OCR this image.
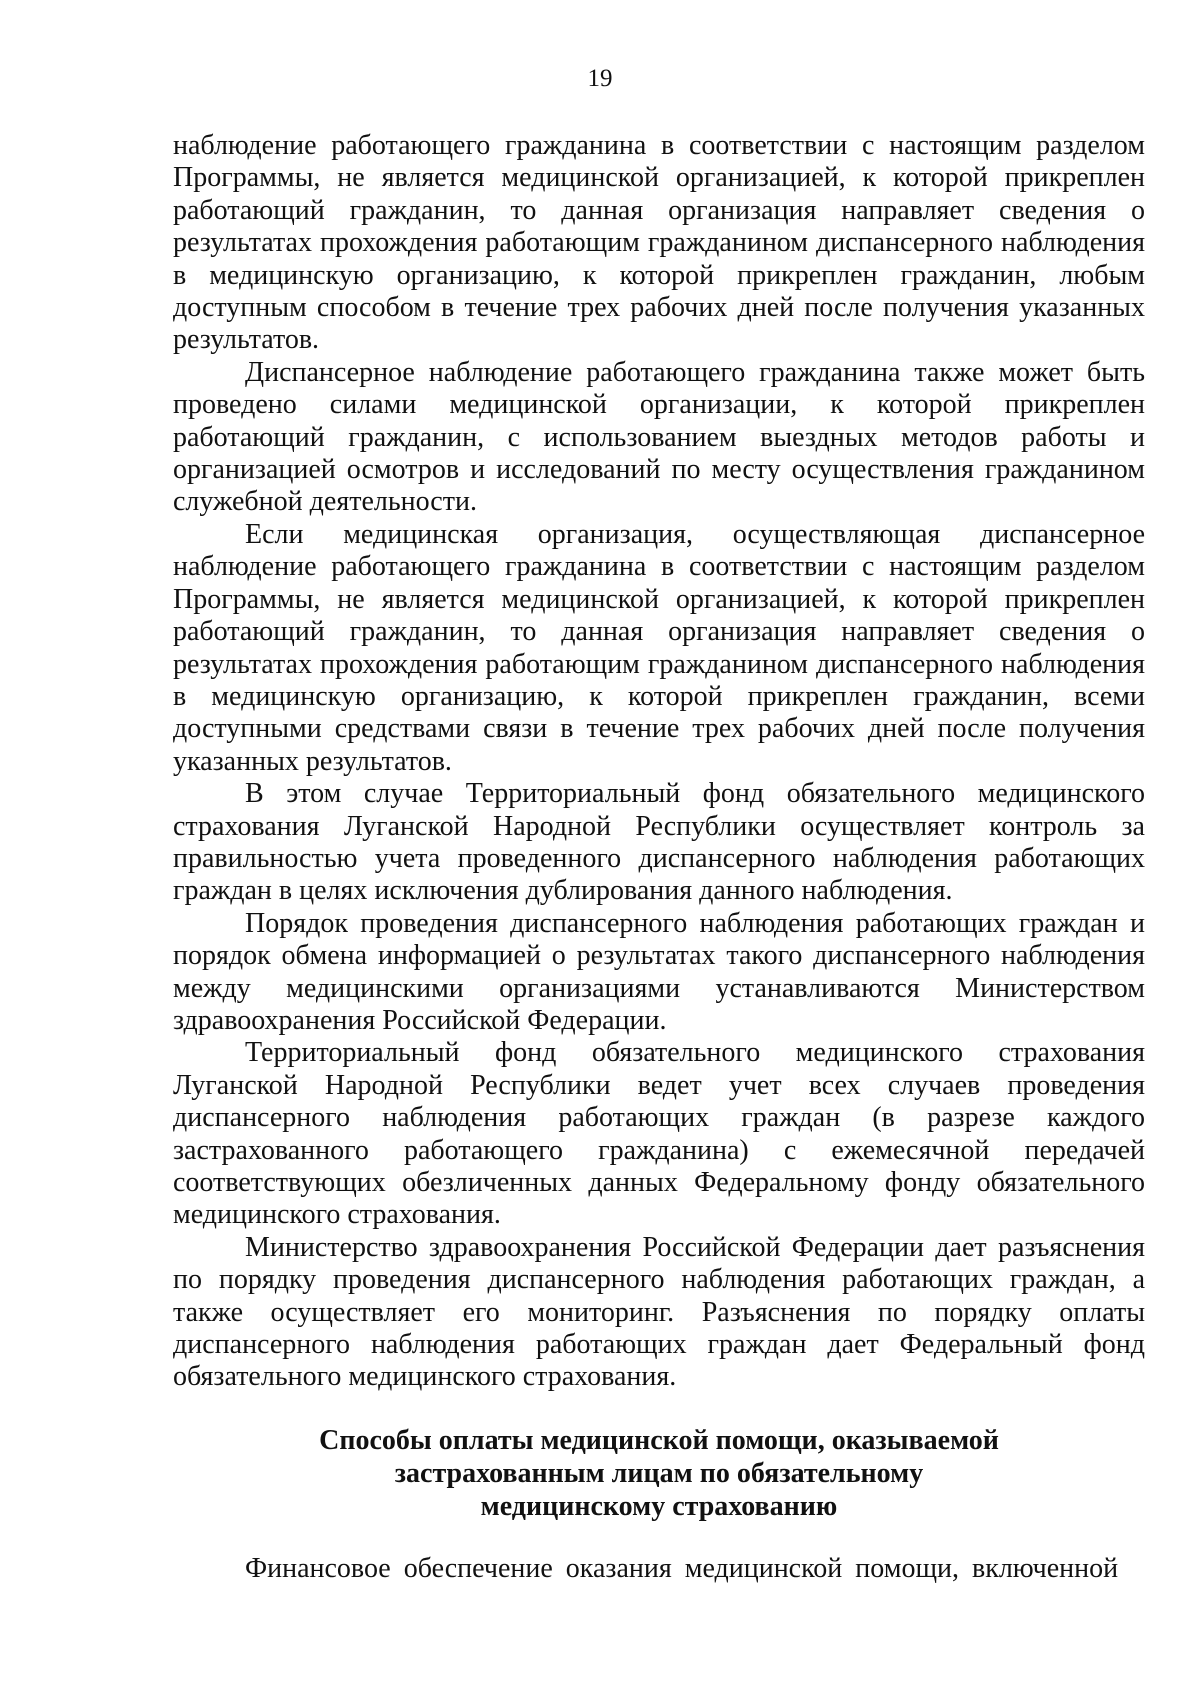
19

наблюдение работающего гражданина в соответствии с настоящим разделом Программы, не является медицинской организацией, к которой прикреплен работающий гражданин, то данная организация направляет сведения о результатах прохождения работающим гражданином диспансерного наблюдения в медицинскую организацию, к которой прикреплен гражданин, любым доступным способом в течение трех рабочих дней после получения указанных результатов.

Диспансерное наблюдение работающего гражданина также может быть проведено силами медицинской организации, к которой прикреплен работающий гражданин, с использованием выездных методов работы и организацией осмотров и исследований по месту осуществления гражданином служебной деятельности.

Если медицинская организация, осуществляющая диспансерное наблюдение работающего гражданина в соответствии с настоящим разделом Программы, не является медицинской организацией, к которой прикреплен работающий гражданин, то данная организация направляет сведения о результатах прохождения работающим гражданином диспансерного наблюдения в медицинскую организацию, к которой прикреплен гражданин, всеми доступными средствами связи в течение трех рабочих дней после получения указанных результатов.

В этом случае Территориальный фонд обязательного медицинского страхования Луганской Народной Республики осуществляет контроль за правильностью учета проведенного диспансерного наблюдения работающих граждан в целях исключения дублирования данного наблюдения.

Порядок проведения диспансерного наблюдения работающих граждан и порядок обмена информацией о результатах такого диспансерного наблюдения между медицинскими организациями устанавливаются Министерством здравоохранения Российской Федерации.

Территориальный фонд обязательного медицинского страхования Луганской Народной Республики ведет учет всех случаев проведения диспансерного наблюдения работающих граждан (в разрезе каждого застрахованного работающего гражданина) с ежемесячной передачей соответствующих обезличенных данных Федеральному фонду обязательного медицинского страхования.

Министерство здравоохранения Российской Федерации дает разъяснения по порядку проведения диспансерного наблюдения работающих граждан, а также осуществляет его мониторинг. Разъяснения по порядку оплаты диспансерного наблюдения работающих граждан дает Федеральный фонд обязательного медицинского страхования.

Способы оплаты медицинской помощи, оказываемой
застрахованным лицам по обязательному
медицинскому страхованию
Финансовое обеспечение оказания медицинской помощи, включенной
